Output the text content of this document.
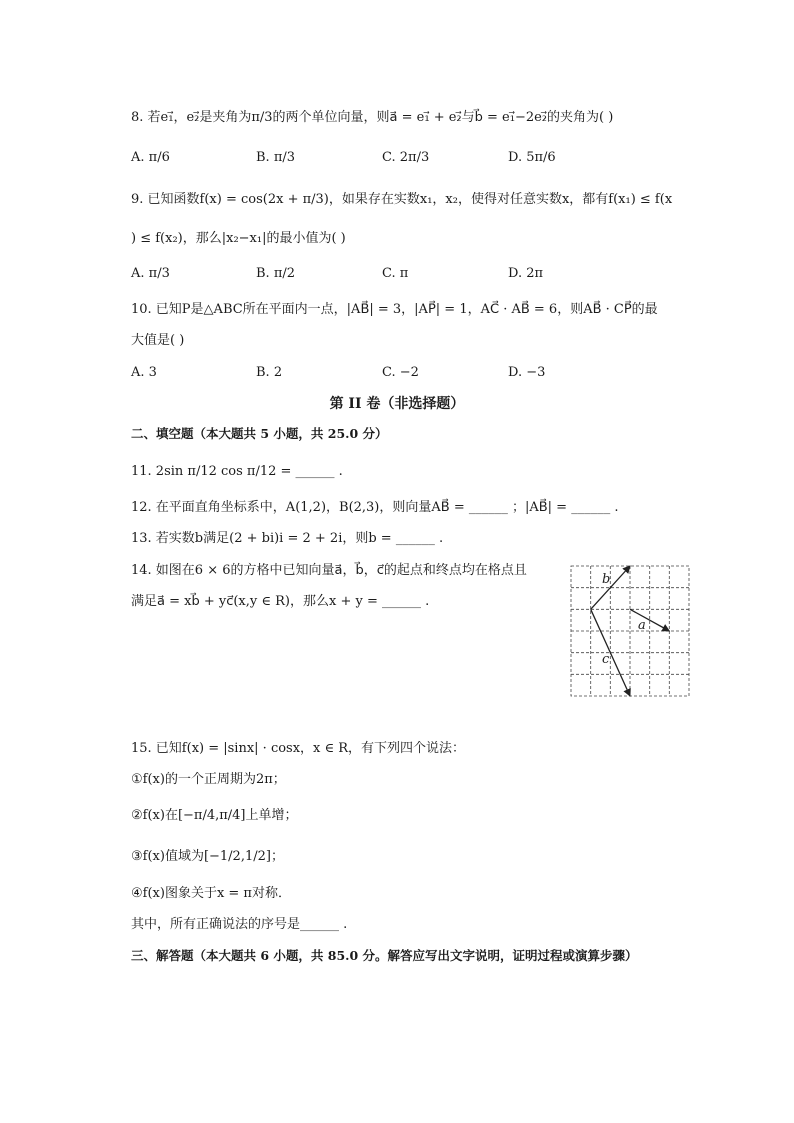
8. 若e₁⃗，e₂⃗是夹角为π/3的两个单位向量，则a⃗ = e₁⃗ + e₂⃗与b⃗ = e₁⃗−2e₂⃗的夹角为( )
A. π/6	B. π/3	C. 2π/3	D. 5π/6
9. 已知函数f(x) = cos(2x + π/3)，如果存在实数x₁，x₂，使得对任意实数x，都有f(x₁) ≤ f(x
) ≤ f(x₂)，那么|x₂−x₁|的最小值为( )
A. π/3	B. π/2	C. π	D. 2π
10. 已知P是△ABC所在平面内一点，|AB⃗| = 3，|AP⃗| = 1，AC⃗ · AB⃗ = 6，则AB⃗ · CP⃗的最
大值是( )
A. 3	B. 2	C. −2	D. −3
第 II 卷（非选择题）
二、填空题（本大题共 5 小题，共 25.0 分）
11. 2sin π/12 cos π/12 = ______ .
12. 在平面直角坐标系中，A(1,2)，B(2,3)，则向量AB⃗ = ______ ；|AB⃗| = ______ .
13. 若实数b满足(2 + bi)i = 2 + 2i，则b = ______ .
14. 如图在6 × 6的方格中已知向量a⃗，b⃗，c⃗的起点和终点均在格点且
满足a⃗ = xb⃗ + yc⃗(x,y ∈ R)，那么x + y = ______ .
b
a
c
15. 已知f(x) = |sinx| · cosx，x ∈ R，有下列四个说法：
①f(x)的一个正周期为2π；
②f(x)在[−π/4,π/4]上单增；
③f(x)值域为[−1/2,1/2]；
④f(x)图象关于x = π对称．
其中，所有正确说法的序号是______ .
三、解答题（本大题共 6 小题，共 85.0 分。解答应写出文字说明，证明过程或演算步骤）
